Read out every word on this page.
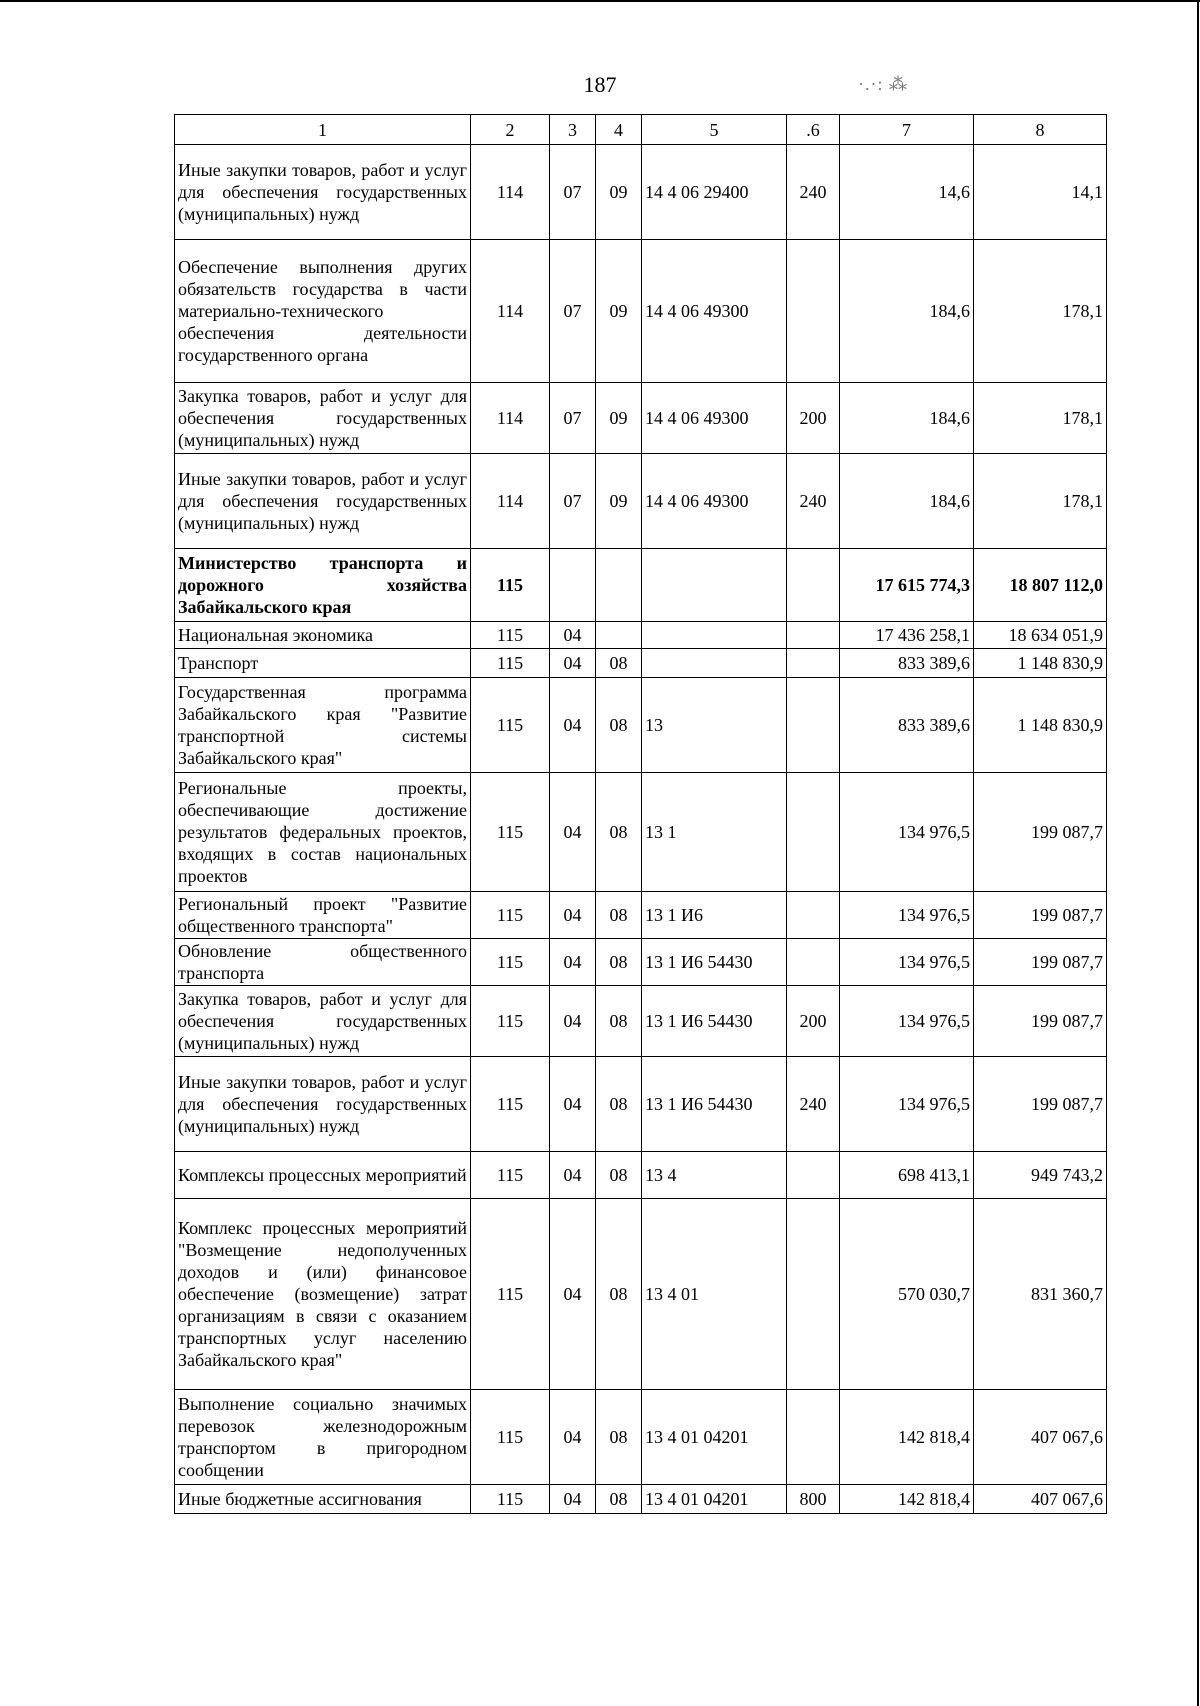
187	·.·: ⁂
1	2	3	4	5	.6	7	8
Иные закупки товаров, работ и услуг для обеспечения государственных (муниципальных) нужд	114	07	09	14 4 06 29400	240	14,6	14,1
Обеспечение выполнения других обязательств государства в части материально-технического обеспечения деятельности государственного органа	114	07	09	14 4 06 49300		184,6	178,1
Закупка товаров, работ и услуг для обеспечения государственных (муниципальных) нужд	114	07	09	14 4 06 49300	200	184,6	178,1
Иные закупки товаров, работ и услуг для обеспечения государственных (муниципальных) нужд	114	07	09	14 4 06 49300	240	184,6	178,1
Министерство транспорта и дорожного хозяйства Забайкальского края	115					17 615 774,3	18 807 112,0
Национальная экономика	115	04				17 436 258,1	18 634 051,9
Транспорт	115	04	08			833 389,6	1 148 830,9
Государственная программа Забайкальского края "Развитие транспортной системы Забайкальского края"	115	04	08	13		833 389,6	1 148 830,9
Региональные проекты, обеспечивающие достижение результатов федеральных проектов, входящих в состав национальных проектов	115	04	08	13 1		134 976,5	199 087,7
Региональный проект "Развитие общественного транспорта"	115	04	08	13 1 И6		134 976,5	199 087,7
Обновление общественного транспорта	115	04	08	13 1 И6 54430		134 976,5	199 087,7
Закупка товаров, работ и услуг для обеспечения государственных (муниципальных) нужд	115	04	08	13 1 И6 54430	200	134 976,5	199 087,7
Иные закупки товаров, работ и услуг для обеспечения государственных (муниципальных) нужд	115	04	08	13 1 И6 54430	240	134 976,5	199 087,7
Комплексы процессных мероприятий	115	04	08	13 4		698 413,1	949 743,2
Комплекс процессных мероприятий "Возмещение недополученных доходов и (или) финансовое обеспечение (возмещение) затрат организациям в связи с оказанием транспортных услуг населению Забайкальского края"	115	04	08	13 4 01		570 030,7	831 360,7
Выполнение социально значимых перевозок железнодорожным транспортом в пригородном сообщении	115	04	08	13 4 01 04201		142 818,4	407 067,6
Иные бюджетные ассигнования	115	04	08	13 4 01 04201	800	142 818,4	407 067,6
